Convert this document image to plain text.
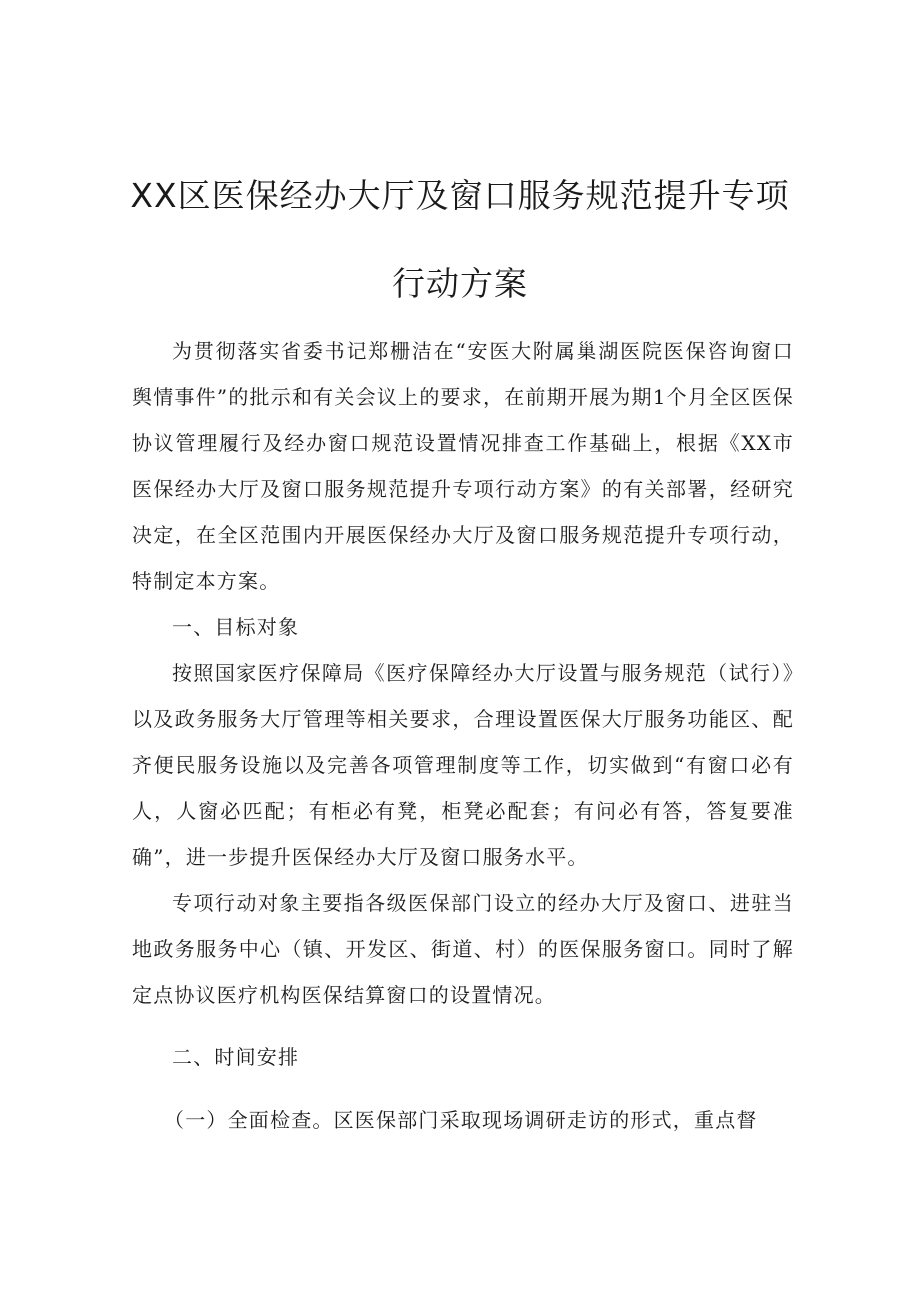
XX区医保经办大厅及窗口服务规范提升专项
行动方案

为贯彻落实省委书记郑栅洁在“安医大附属巢湖医院医保咨询窗口舆情事件”的批示和有关会议上的要求，在前期开展为期1个月全区医保协议管理履行及经办窗口规范设置情况排查工作基础上，根据《XX市医保经办大厅及窗口服务规范提升专项行动方案》的有关部署，经研究决定，在全区范围内开展医保经办大厅及窗口服务规范提升专项行动，特制定本方案。

一、目标对象

按照国家医疗保障局《医疗保障经办大厅设置与服务规范（试行）》以及政务服务大厅管理等相关要求，合理设置医保大厅服务功能区、配齐便民服务设施以及完善各项管理制度等工作，切实做到“有窗口必有人，人窗必匹配；有柜必有凳，柜凳必配套；有问必有答，答复要准确”，进一步提升医保经办大厅及窗口服务水平。

专项行动对象主要指各级医保部门设立的经办大厅及窗口、进驻当地政务服务中心（镇、开发区、街道、村）的医保服务窗口。同时了解定点协议医疗机构医保结算窗口的设置情况。

二、时间安排

（一）全面检查。区医保部门采取现场调研走访的形式，重点督
